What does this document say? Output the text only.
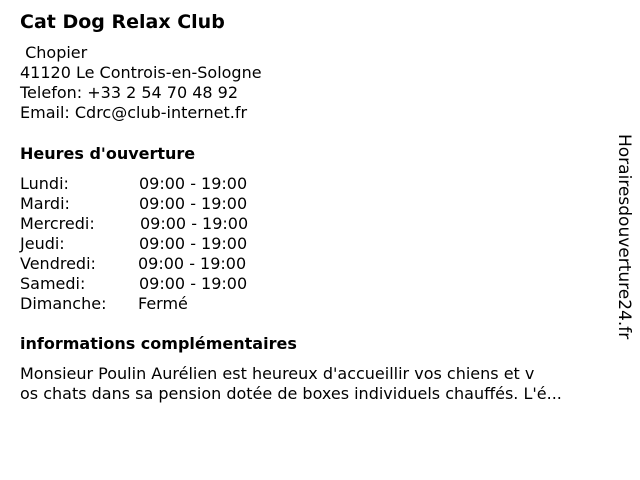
Cat Dog Relax Club
Chopier
41120 Le Controis-en-Sologne
Telefon: +33 2 54 70 48 92
Email: Cdrc@club-internet.fr
Heures d'ouverture
Lundi:	09:00 - 19:00
Mardi:	09:00 - 19:00
Mercredi:	09:00 - 19:00
Jeudi:	09:00 - 19:00
Vendredi:	09:00 - 19:00
Samedi:	09:00 - 19:00
Dimanche: Fermé
informations complémentaires
Monsieur Poulin Aurélien est heureux d'accueillir vos chiens et v
os chats dans sa pension dotée de boxes individuels chauffés. L'é...
Horairesdouverture24.fr
